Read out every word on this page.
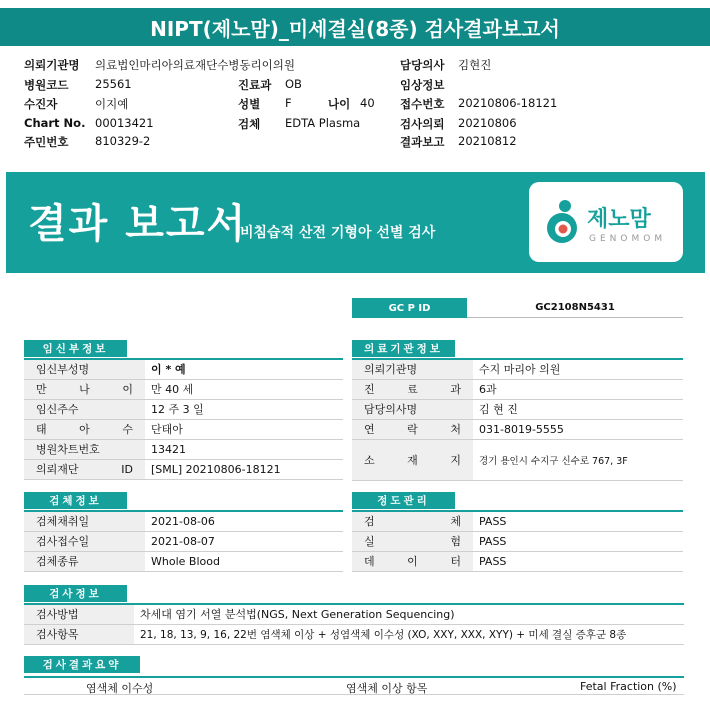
NIPT(제노맘)_미세결실(8종) 검사결과보고서
의뢰기관명 의료법인마리아의료재단수병동리이의원
병원코드 25561
수진자	이지예
Chart No. 00013421
주민번호 810329-2
진료과 OB
성별 F	나이 40
검체 EDTA Plasma
담당의사 김현진
임상정보
접수번호 20210806-18121
검사의뢰 20210806
결과보고 20210812
결과 보고서
비침습적 산전 기형아 선별 검사
제노맘
GENOMOM
GC P ID	GC2108N5431
임신부정보
임신부성명	이 * 예
만 나 이	만 40 세
임신주수	12 주 3 일
태 아 수	단태아
병원차트번호	13421
의뢰재단 ID	[SML] 20210806-18121
의료기관정보
의뢰기관명	수지 마리아 의원
진 료 과	6과
담당의사명	김 현 진
연 락 처	031-8019-5555
소 재 지	경기 용인시 수지구 신수로 767, 3F
검체정보
검체채취일	2021-08-06
검사접수일	2021-08-07
검체종류	Whole Blood
정도관리
검 체	PASS
실 험	PASS
데 이 터	PASS
검사정보
검사방법	차세대 염기 서열 분석법(NGS, Next Generation Sequencing)
검사항목	21, 18, 13, 9, 16, 22번 염색체 이상 + 성염색체 이수성 (XO, XXY, XXX, XYY) + 미세 결실 증후군 8종
검사결과요약
염색체 이수성	염색체 이상 항목	Fetal Fraction (%)
